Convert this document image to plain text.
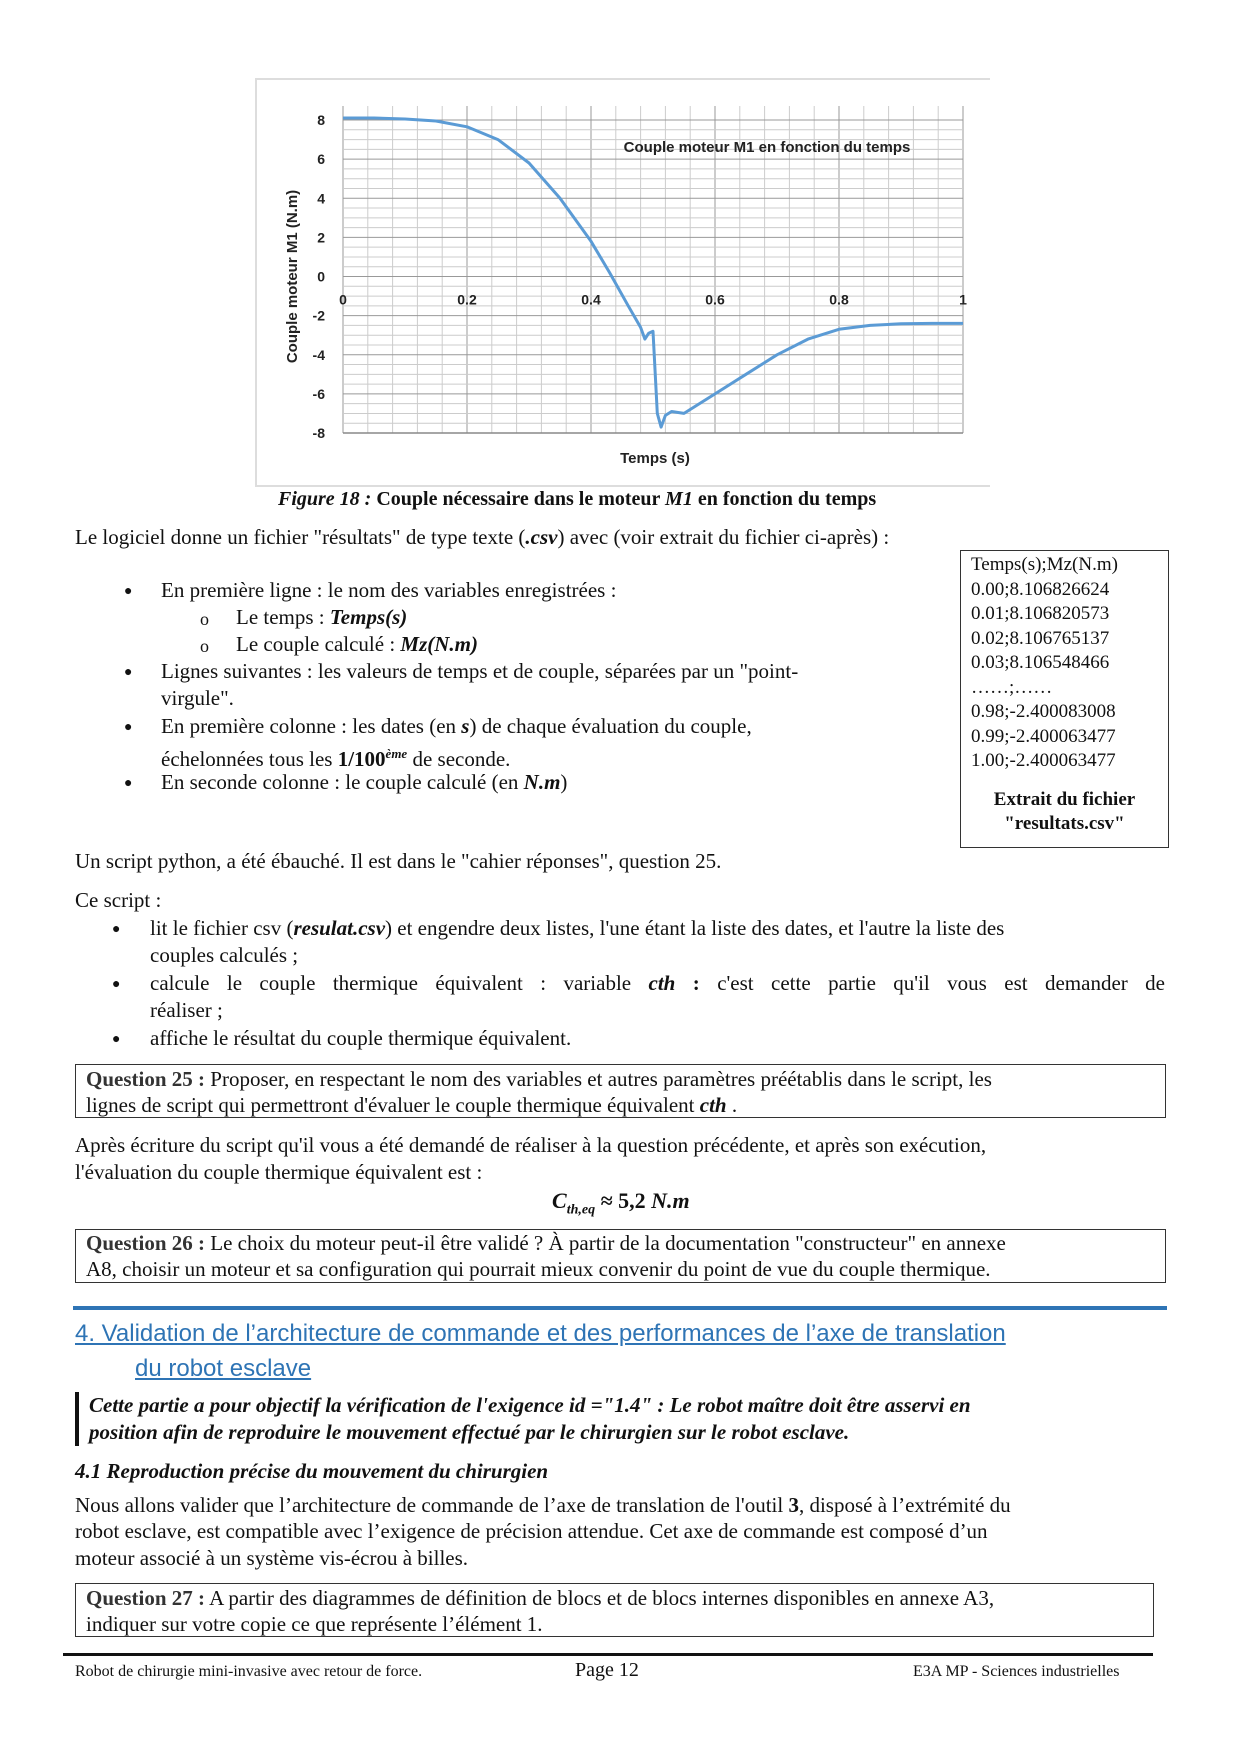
8
6
4
2
0
-2
-4
-6
-8
0	0.2	0.4	0.6	0.8	1
Couple moteur M1 en fonction du temps
Temps (s)
Couple moteur M1 (N.m)
Figure 18 : Couple nécessaire dans le moteur M1 en fonction du temps
Le logiciel donne un fichier "résultats" de type texte (.csv) avec (voir extrait du fichier ci-après) :
Temps(s);Mz(N.m)
0.00;8.106826624
0.01;8.106820573
0.02;8.106765137
0.03;8.106548466
……;……
0.98;-2.400083008
0.99;-2.400063477
1.00;-2.400063477
Extrait du fichier
"resultats.csv"
● En première ligne : le nom des variables enregistrées :
o Le temps : Temps(s)
o Le couple calculé : Mz(N.m)
● Lignes suivantes : les valeurs de temps et de couple, séparées par un "point-
virgule".
● En première colonne : les dates (en s) de chaque évaluation du couple,
échelonnées tous les 1/100ème de seconde.
● En seconde colonne : le couple calculé (en N.m)
Un script python, a été ébauché. Il est dans le "cahier réponses", question 25.
Ce script :
● lit le fichier csv (resulat.csv) et engendre deux listes, l'une étant la liste des dates, et l'autre la liste des
couples calculés ;
● calcule le couple thermique équivalent : variable cth : c'est cette partie qu'il vous est demander de
réaliser ;
● affiche le résultat du couple thermique équivalent.
Question 25 : Proposer, en respectant le nom des variables et autres paramètres préétablis dans le script, les
lignes de script qui permettront d'évaluer le couple thermique équivalent cth .
Après écriture du script qu'il vous a été demandé de réaliser à la question précédente, et après son exécution,
l'évaluation du couple thermique équivalent est :
$C_{th,eq} \approx 5,2$ N.m
Question 26 : Le choix du moteur peut-il être validé ? À partir de la documentation "constructeur" en annexe
A8, choisir un moteur et sa configuration qui pourrait mieux convenir du point de vue du couple thermique.
4. Validation de l’architecture de commande et des performances de l’axe de translation
du robot esclave
Cette partie a pour objectif la vérification de l'exigence id ="1.4" : Le robot maître doit être asservi en
position afin de reproduire le mouvement effectué par le chirurgien sur le robot esclave.
4.1 Reproduction précise du mouvement du chirurgien
Nous allons valider que l’architecture de commande de l’axe de translation de l'outil 3, disposé à l’extrémité du
robot esclave, est compatible avec l’exigence de précision attendue. Cet axe de commande est composé d’un
moteur associé à un système vis-écrou à billes.
Question 27 : A partir des diagrammes de définition de blocs et de blocs internes disponibles en annexe A3,
indiquer sur votre copie ce que représente l’élément 1.
Robot de chirurgie mini-invasive avec retour de force.	Page 12	E3A MP - Sciences industrielles
